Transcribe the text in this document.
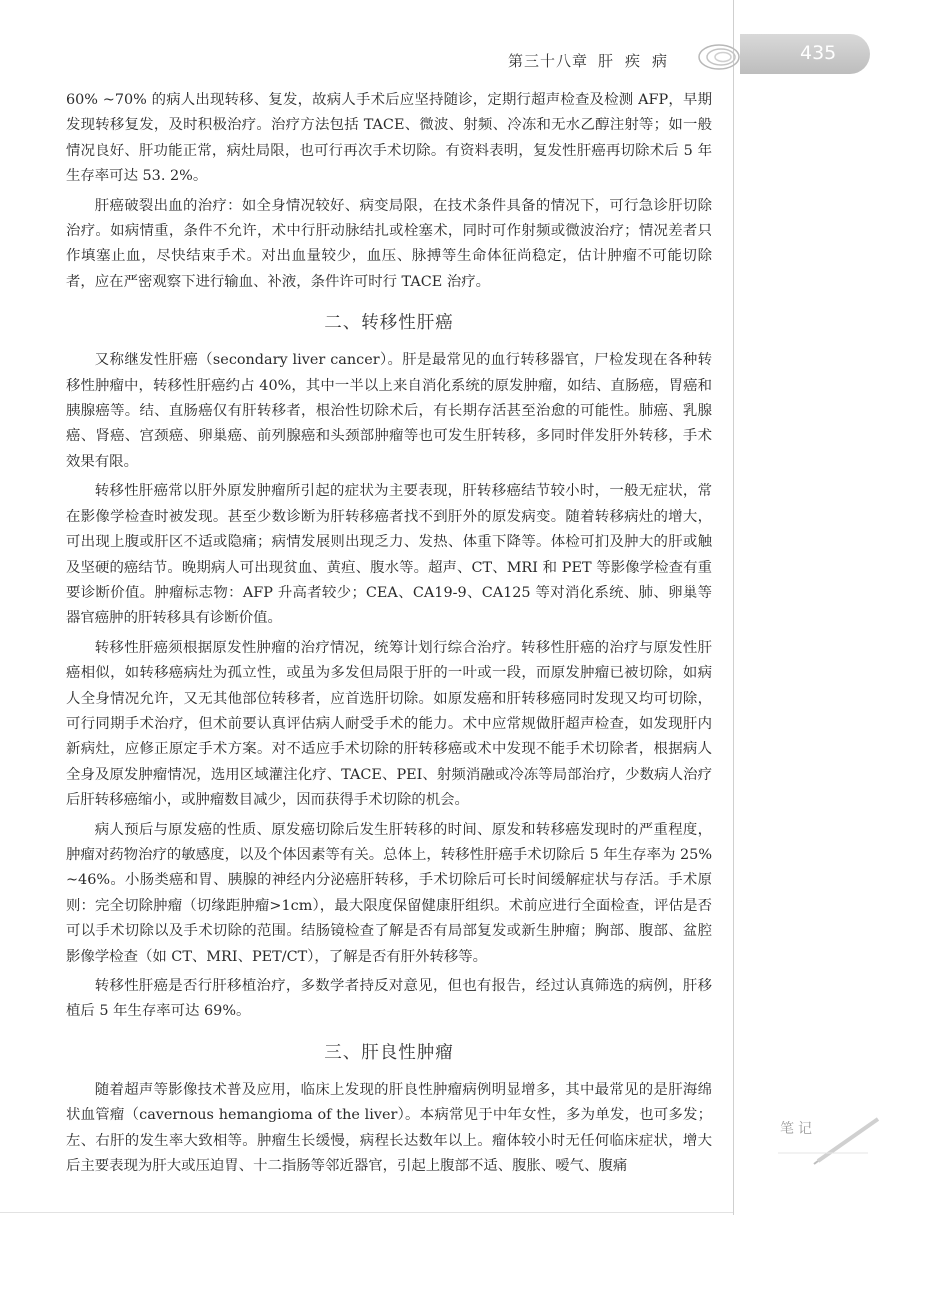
第三十八章 肝疾病	435

60% ~70% 的病人出现转移、复发，故病人手术后应坚持随诊，定期行超声检查及检测 AFP，早期发现转移复发，及时积极治疗。治疗方法包括 TACE、微波、射频、冷冻和无水乙醇注射等；如一般情况良好、肝功能正常，病灶局限，也可行再次手术切除。有资料表明，复发性肝癌再切除术后 5 年生存率可达 53. 2%。

肝癌破裂出血的治疗：如全身情况较好、病变局限，在技术条件具备的情况下，可行急诊肝切除治疗。如病情重，条件不允许，术中行肝动脉结扎或栓塞术，同时可作射频或微波治疗；情况差者只作填塞止血，尽快结束手术。对出血量较少，血压、脉搏等生命体征尚稳定，估计肿瘤不可能切除者，应在严密观察下进行输血、补液，条件许可时行 TACE 治疗。

二、转移性肝癌

又称继发性肝癌（secondary liver cancer）。肝是最常见的血行转移器官，尸检发现在各种转移性肿瘤中，转移性肝癌约占 40%，其中一半以上来自消化系统的原发肿瘤，如结、直肠癌，胃癌和胰腺癌等。结、直肠癌仅有肝转移者，根治性切除术后，有长期存活甚至治愈的可能性。肺癌、乳腺癌、肾癌、宫颈癌、卵巢癌、前列腺癌和头颈部肿瘤等也可发生肝转移，多同时伴发肝外转移，手术效果有限。

转移性肝癌常以肝外原发肿瘤所引起的症状为主要表现，肝转移癌结节较小时，一般无症状，常在影像学检查时被发现。甚至少数诊断为肝转移癌者找不到肝外的原发病变。随着转移病灶的增大，可出现上腹或肝区不适或隐痛；病情发展则出现乏力、发热、体重下降等。体检可扪及肿大的肝或触及坚硬的癌结节。晚期病人可出现贫血、黄疸、腹水等。超声、CT、MRI 和 PET 等影像学检查有重要诊断价值。肿瘤标志物：AFP 升高者较少；CEA、CA19-9、CA125 等对消化系统、肺、卵巢等器官癌肿的肝转移具有诊断价值。

转移性肝癌须根据原发性肿瘤的治疗情况，统筹计划行综合治疗。转移性肝癌的治疗与原发性肝癌相似，如转移癌病灶为孤立性，或虽为多发但局限于肝的一叶或一段，而原发肿瘤已被切除，如病人全身情况允许，又无其他部位转移者，应首选肝切除。如原发癌和肝转移癌同时发现又均可切除，可行同期手术治疗，但术前要认真评估病人耐受手术的能力。术中应常规做肝超声检查，如发现肝内新病灶，应修正原定手术方案。对不适应手术切除的肝转移癌或术中发现不能手术切除者，根据病人全身及原发肿瘤情况，选用区域灌注化疗、TACE、PEI、射频消融或冷冻等局部治疗，少数病人治疗后肝转移癌缩小，或肿瘤数目减少，因而获得手术切除的机会。

病人预后与原发癌的性质、原发癌切除后发生肝转移的时间、原发和转移癌发现时的严重程度，肿瘤对药物治疗的敏感度，以及个体因素等有关。总体上，转移性肝癌手术切除后 5 年生存率为 25% ~46%。小肠类癌和胃、胰腺的神经内分泌癌肝转移，手术切除后可长时间缓解症状与存活。手术原则：完全切除肿瘤（切缘距肿瘤>1cm），最大限度保留健康肝组织。术前应进行全面检查，评估是否可以手术切除以及手术切除的范围。结肠镜检查了解是否有局部复发或新生肿瘤；胸部、腹部、盆腔影像学检查（如 CT、MRI、PET/CT），了解是否有肝外转移等。

转移性肝癌是否行肝移植治疗，多数学者持反对意见，但也有报告，经过认真筛选的病例，肝移植后 5 年生存率可达 69%。

三、肝良性肿瘤

随着超声等影像技术普及应用，临床上发现的肝良性肿瘤病例明显增多，其中最常见的是肝海绵状血管瘤（cavernous hemangioma of the liver）。本病常见于中年女性，多为单发，也可多发；左、右肝的发生率大致相等。肿瘤生长缓慢，病程长达数年以上。瘤体较小时无任何临床症状，增大后主要表现为肝大或压迫胃、十二指肠等邻近器官，引起上腹部不适、腹胀、嗳气、腹痛

笔记
